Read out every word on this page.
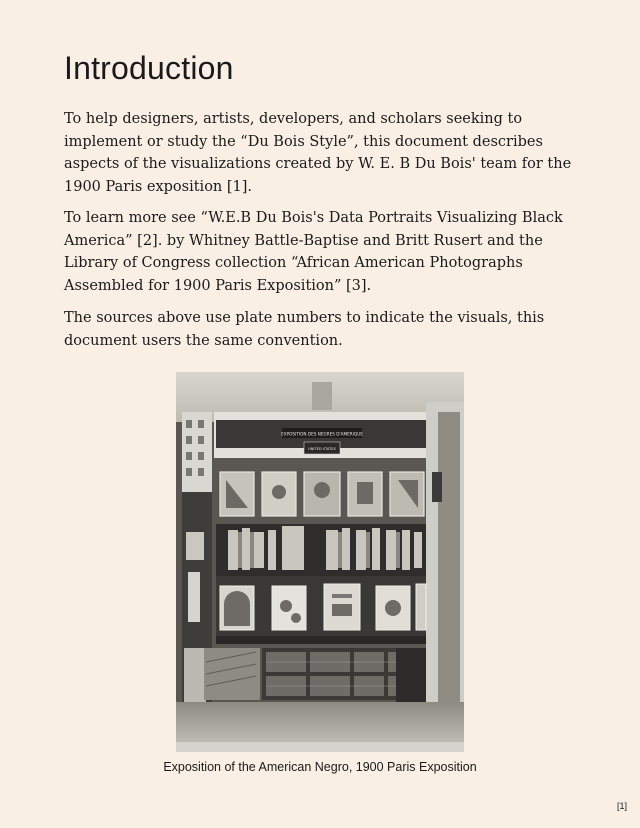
Introduction

To help designers, artists, developers, and scholars seeking to implement or study the “Du Bois Style”, this document describes aspects of the visualizations created by W. E. B Du Bois' team for the 1900 Paris exposition [1].

To learn more see “W.E.B Du Bois's Data Portraits Visualizing Black America” [2]. by Whitney Battle-Baptise and Britt Rusert and the Library of Congress collection “African American Photographs Assembled for 1900 Paris Exposition” [3].

The sources above use plate numbers to indicate the visuals, this document users the same convention.

EXPOSITION DES NEGRES D'AMERIQUE
UNITED STATES
Exposition of the American Negro, 1900 Paris Exposition
[1]
